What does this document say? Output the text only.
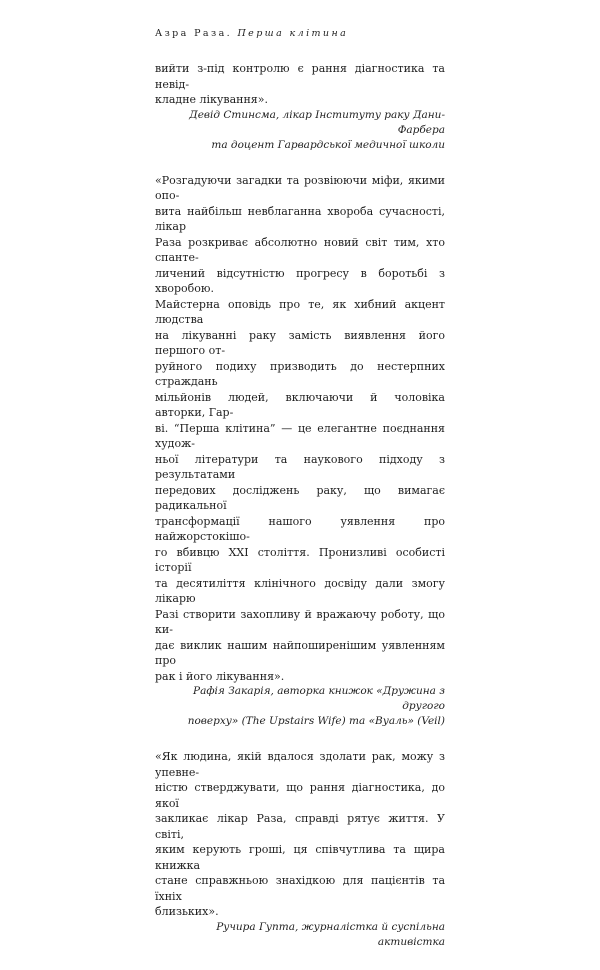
Азра Раза. Перша клітина

вийти з-під контролю є рання діагностика та невід-
кладне лікування».

Девід Стинсма, лікар Інституту раку Дани-Фарбера
та доцент Гарвардської медичної школи

«Розгадуючи загадки та розвіюючи міфи, якими опо-
вита найбільш невблаганна хвороба сучасності, лікар
Раза розкриває абсолютно новий світ тим, хто спанте-
личений відсутністю прогресу в боротьбі з хворобою.
Майстерна оповідь про те, як хибний акцент людства
на лікуванні раку замість виявлення його першого от-
руйного подиху призводить до нестерпних страждань
мільйонів людей, включаючи й чоловіка авторки, Гар-
ві. “Перша клітина” — це елегантне поєднання худож-
ньої літератури та наукового підходу з результатами
передових досліджень раку, що вимагає радикальної
трансформації нашого уявлення про найжорстокішо-
го вбивцю XXI століття. Пронизливі особисті історії
та десятиліття клінічного досвіду дали змогу лікарю
Разі створити захопливу й вражаючу роботу, що ки-
дає виклик нашим найпоширенішим уявленням про
рак і його лікування».

Рафія Закарія, авторка книжок «Дружина з другого
поверху» (The Upstairs Wife) та «Вуаль» (Veil)

«Як людина, якій вдалося здолати рак, можу з упевне-
ністю стверджувати, що рання діагностика, до якої
закликає лікар Раза, справді рятує життя. У світі,
яким керують гроші, ця співчутлива та щира книжка
стане справжньою знахідкою для пацієнтів та їхніх
близьких».

Ручира Гупта, журналістка й суспільна активістка
